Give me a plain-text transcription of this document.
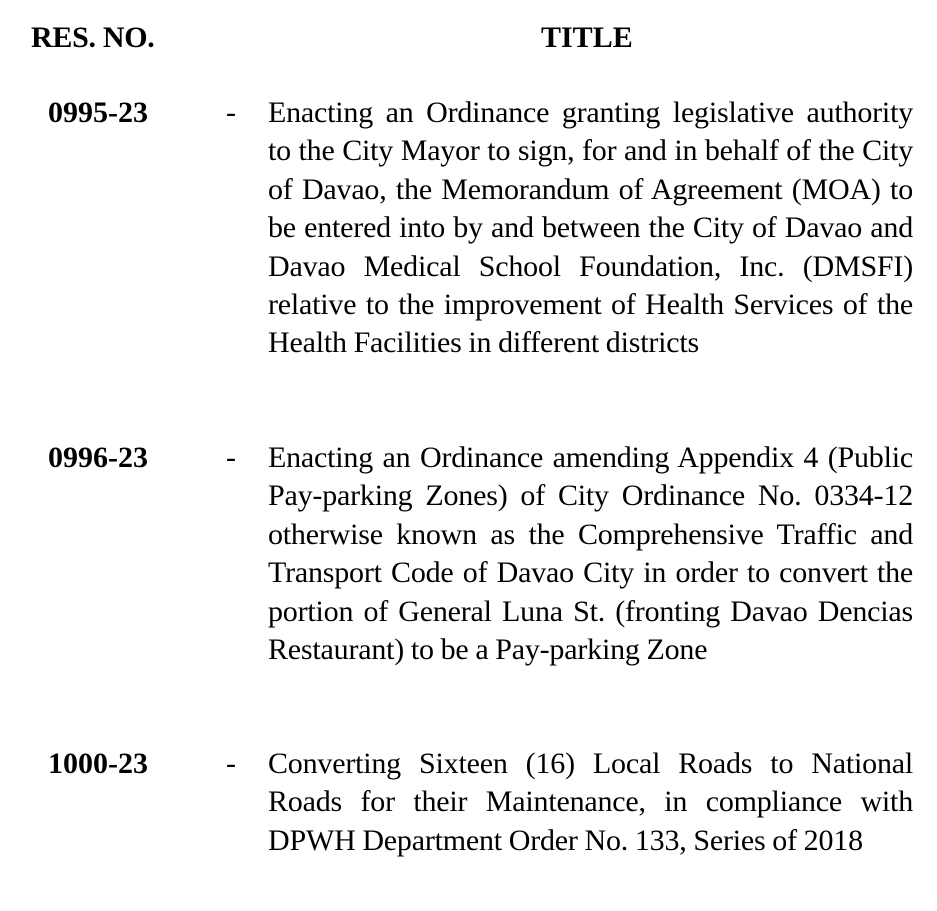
RES. NO.	TITLE
0995-23	- Enacting an Ordinance granting legislative authority to the City Mayor to sign, for and in behalf of the City of Davao, the Memorandum of Agreement (MOA) to be entered into by and between the City of Davao and Davao Medical School Foundation, Inc. (DMSFI) relative to the improvement of Health Services of the Health Facilities in different districts
0996-23	- Enacting an Ordinance amending Appendix 4 (Public Pay-parking Zones) of City Ordinance No. 0334-12 otherwise known as the Comprehensive Traffic and Transport Code of Davao City in order to convert the portion of General Luna St. (fronting Davao Dencias Restaurant) to be a Pay-parking Zone
1000-23	- Converting Sixteen (16) Local Roads to National Roads for their Maintenance, in compliance with DPWH Department Order No. 133, Series of 2018
